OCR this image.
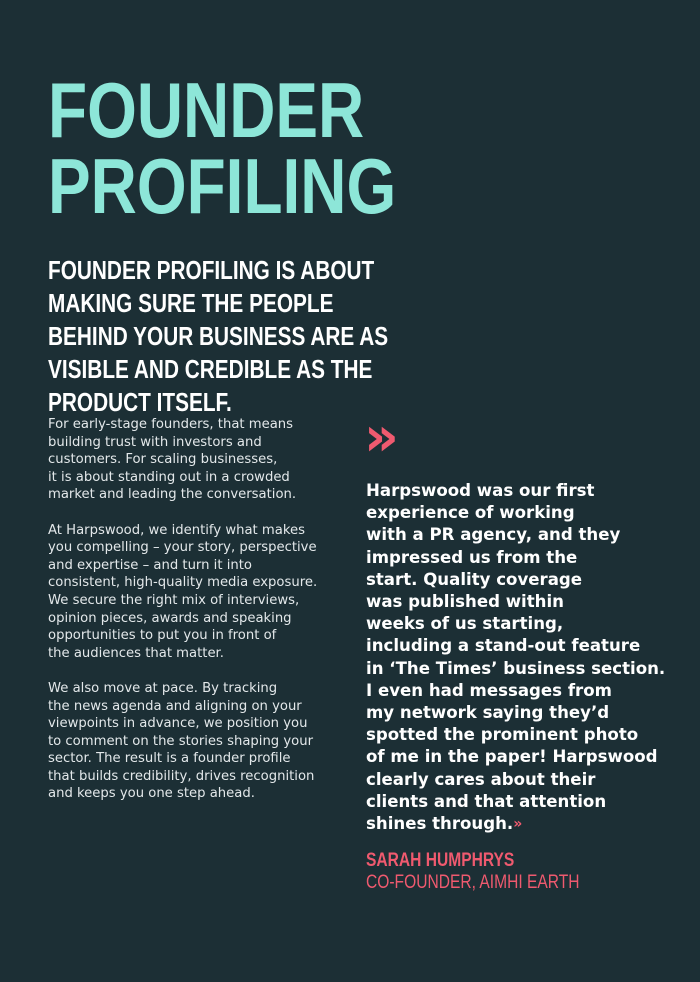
FOUNDER
PROFILING
FOUNDER PROFILING IS ABOUT
MAKING SURE THE PEOPLE
BEHIND YOUR BUSINESS ARE AS
VISIBLE AND CREDIBLE AS THE
PRODUCT ITSELF.

For early-stage founders, that means
building trust with investors and
customers. For scaling businesses,
it is about standing out in a crowded
market and leading the conversation.

At Harpswood, we identify what makes
you compelling – your story, perspective
and expertise – and turn it into
consistent, high-quality media exposure.
We secure the right mix of interviews,
opinion pieces, awards and speaking
opportunities to put you in front of
the audiences that matter.

We also move at pace. By tracking
the news agenda and aligning on your
viewpoints in advance, we position you
to comment on the stories shaping your
sector. The result is a founder profile
that builds credibility, drives recognition
and keeps you one step ahead.

»
Harpswood was our first
experience of working
with a PR agency, and they
impressed us from the
start. Quality coverage
was published within
weeks of us starting,
including a stand-out feature
in ‘The Times’ business section.
I even had messages from
my network saying they’d
spotted the prominent photo
of me in the paper! Harpswood
clearly cares about their
clients and that attention
shines through.»
SARAH HUMPHRYS
CO-FOUNDER, AIMHI EARTH
